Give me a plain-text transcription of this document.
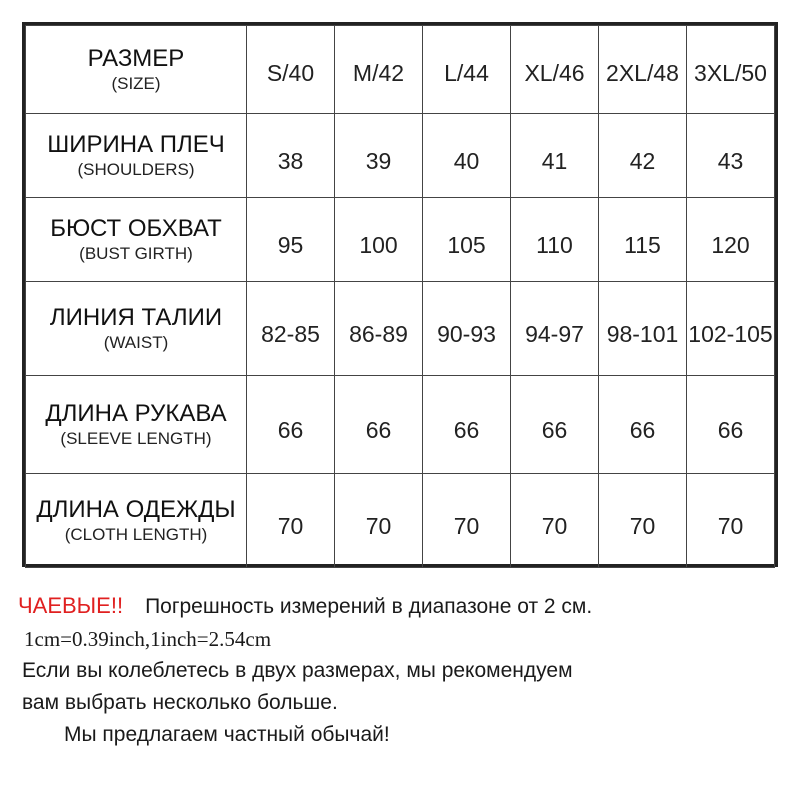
РАЗМЕР
(SIZE)	S/40	M/42	L/44	XL/46	2XL/48	3XL/50

ШИРИНА ПЛЕЧ
(SHOULDERS)	38	39	40	41	42	43

БЮСТ ОБХВАТ
(BUST GIRTH)	95	100	105	110	115	120

ЛИНИЯ ТАЛИИ
(WAIST)	82-85	86-89	90-93	94-97	98-101	102-105

ДЛИНА РУКАВА
(SLEEVE LENGTH)	66	66	66	66	66	66

ДЛИНА ОДЕЖДЫ
(CLOTH LENGTH)	70	70	70	70	70	70
ЧАЕВЫЕ!! Погрешность измерений в диапазоне от 2 см.
1cm=0.39inch,1inch=2.54cm
Если вы колеблетесь в двух размерах, мы рекомендуем
вам выбрать несколько больше.
Мы предлагаем частный обычай!
